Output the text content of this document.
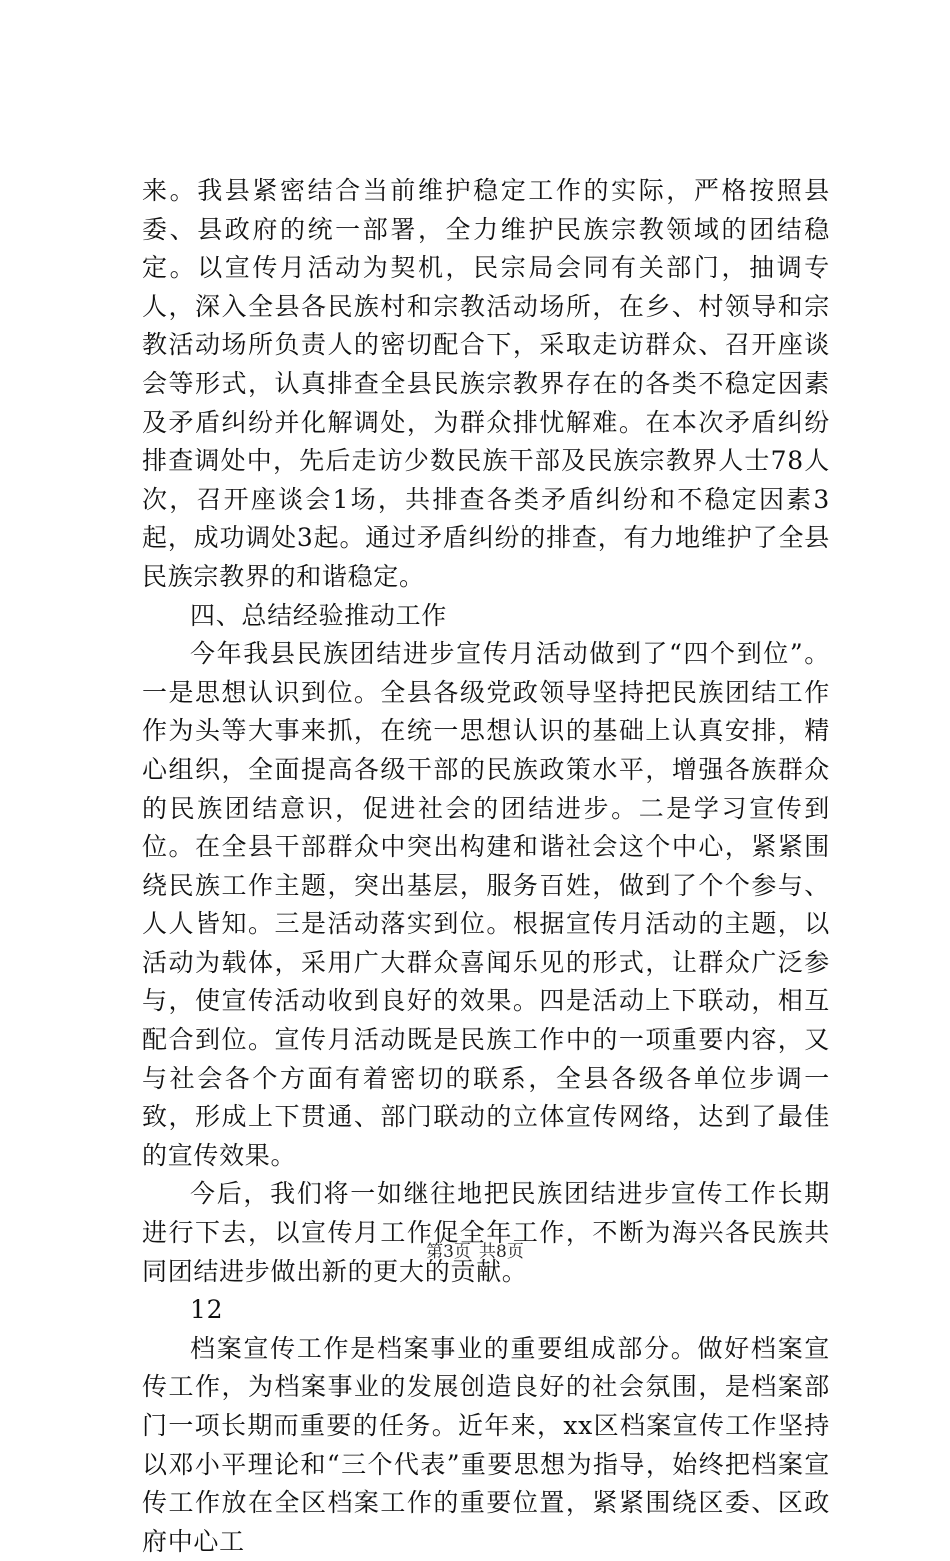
来。我县紧密结合当前维护稳定工作的实际，严格按照县委、县政府的统一部署，全力维护民族宗教领域的团结稳定。以宣传月活动为契机，民宗局会同有关部门，抽调专人，深入全县各民族村和宗教活动场所，在乡、村领导和宗教活动场所负责人的密切配合下，采取走访群众、召开座谈会等形式，认真排查全县民族宗教界存在的各类不稳定因素及矛盾纠纷并化解调处，为群众排忧解难。在本次矛盾纠纷排查调处中，先后走访少数民族干部及民族宗教界人士78人次，召开座谈会1场，共排查各类矛盾纠纷和不稳定因素3起，成功调处3起。通过矛盾纠纷的排查，有力地维护了全县民族宗教界的和谐稳定。

四、总结经验推动工作

今年我县民族团结进步宣传月活动做到了“四个到位”。一是思想认识到位。全县各级党政领导坚持把民族团结工作作为头等大事来抓，在统一思想认识的基础上认真安排，精心组织，全面提高各级干部的民族政策水平，增强各族群众的民族团结意识，促进社会的团结进步。二是学习宣传到位。在全县干部群众中突出构建和谐社会这个中心，紧紧围绕民族工作主题，突出基层，服务百姓，做到了个个参与、人人皆知。三是活动落实到位。根据宣传月活动的主题，以活动为载体，采用广大群众喜闻乐见的形式，让群众广泛参与，使宣传活动收到良好的效果。四是活动上下联动，相互配合到位。宣传月活动既是民族工作中的一项重要内容，又与社会各个方面有着密切的联系，全县各级各单位步调一致，形成上下贯通、部门联动的立体宣传网络，达到了最佳的宣传效果。

今后，我们将一如继往地把民族团结进步宣传工作长期进行下去，以宣传月工作促全年工作，不断为海兴各民族共同团结进步做出新的更大的贡献。

12

档案宣传工作是档案事业的重要组成部分。做好档案宣传工作，为档案事业的发展创造良好的社会氛围，是档案部门一项长期而重要的任务。近年来，xx区档案宣传工作坚持以邓小平理论和“三个代表”重要思想为指导，始终把档案宣传工作放在全区档案工作的重要位置，紧紧围绕区委、区政府中心工

第3页 共8页
